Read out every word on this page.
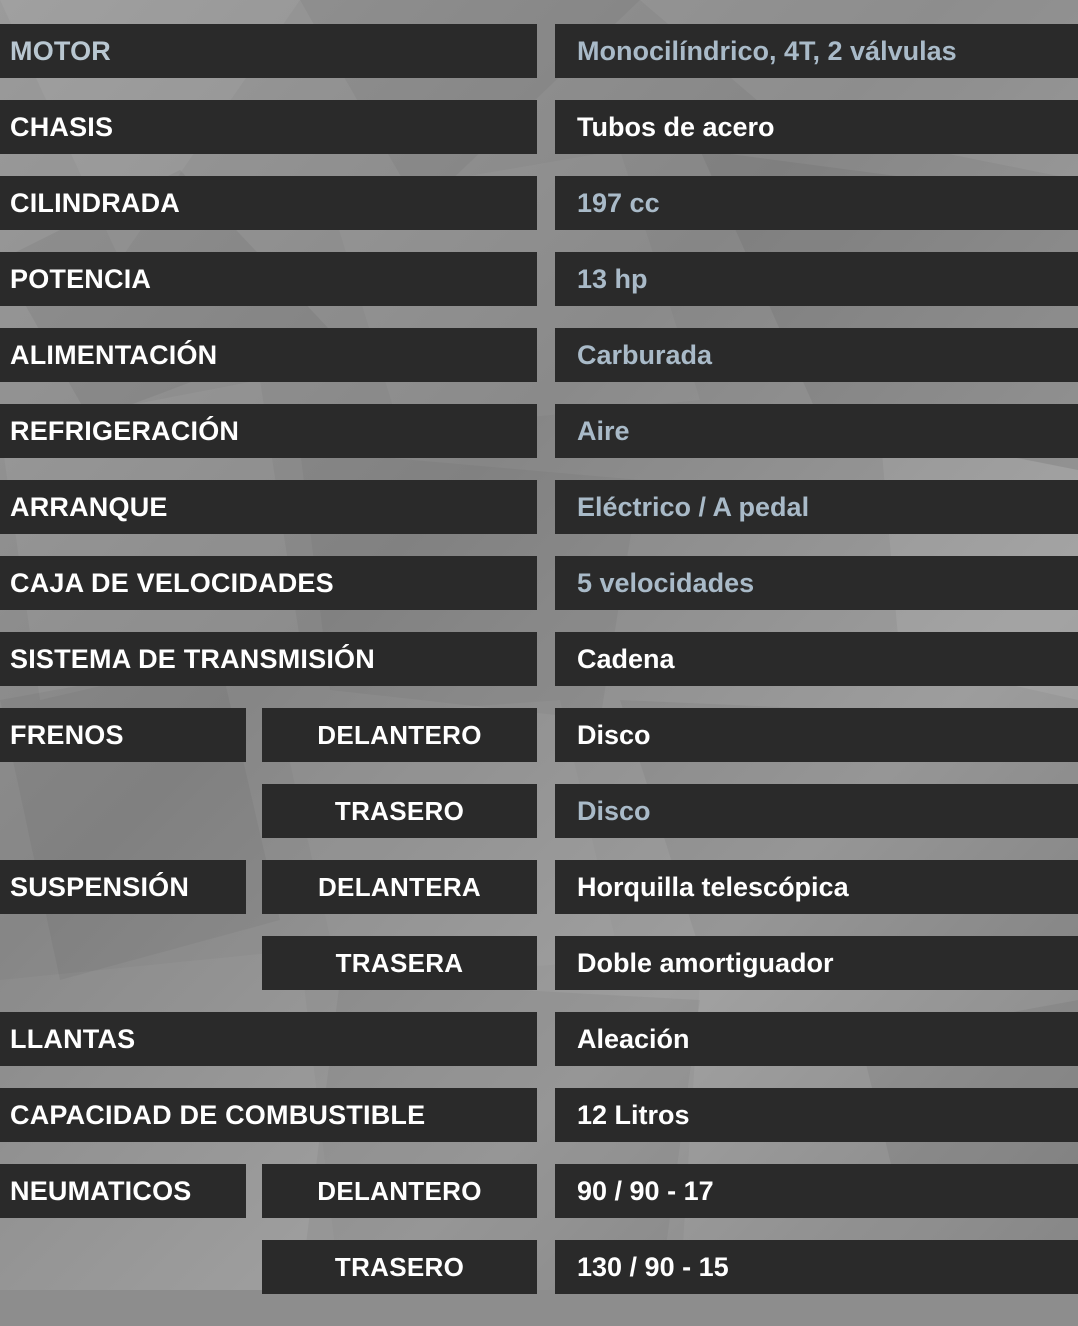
MOTOR	Monocilíndrico, 4T, 2 válvulas
CHASIS	Tubos de acero
CILINDRADA	197 cc
POTENCIA	13 hp
ALIMENTACIÓN	Carburada
REFRIGERACIÓN	Aire
ARRANQUE	Eléctrico / A pedal
CAJA DE VELOCIDADES	5 velocidades
SISTEMA DE TRANSMISIÓN	Cadena
FRENOS	DELANTERO	Disco
TRASERO	Disco
SUSPENSIÓN	DELANTERA	Horquilla telescópica
TRASERA	Doble amortiguador
LLANTAS	Aleación
CAPACIDAD DE COMBUSTIBLE	12 Litros
NEUMATICOS	DELANTERO	90 / 90 - 17
TRASERO	130 / 90 - 15
